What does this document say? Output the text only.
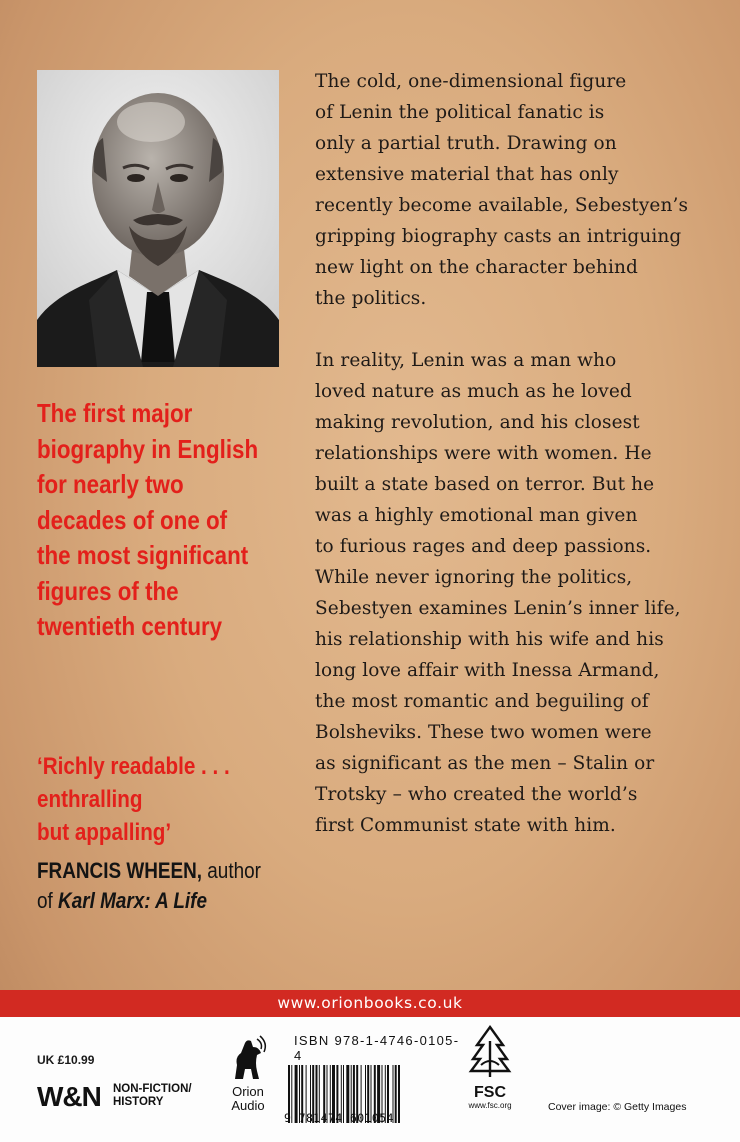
The first major
biography in English
for nearly two
decades of one of
the most significant
figures of the
twentieth century
‘Richly readable . . .
enthralling
but appalling’
FRANCIS WHEEN, author
of Karl Marx: A Life

The cold, one-dimensional figure
of Lenin the political fanatic is
only a partial truth. Drawing on
extensive material that has only
recently become available, Sebestyen’s
gripping biography casts an intriguing
new light on the character behind
the politics.

In reality, Lenin was a man who
loved nature as much as he loved
making revolution, and his closest
relationships were with women. He
built a state based on terror. But he
was a highly emotional man given
to furious rages and deep passions.
While never ignoring the politics,
Sebestyen examines Lenin’s inner life,
his relationship with his wife and his
long love affair with Inessa Armand,
the most romantic and beguiling of
Bolsheviks. These two women were
as significant as the men – Stalin or
Trotsky – who created the world’s
first Communist state with him.

www.orionbooks.co.uk
UK £10.99
W&N NON-FICTION/
HISTORY
Orion
Audio
ISBN 978-1-4746-0105-4
9 781474 601054
FSC
www.fsc.org	Cover image: © Getty Images
